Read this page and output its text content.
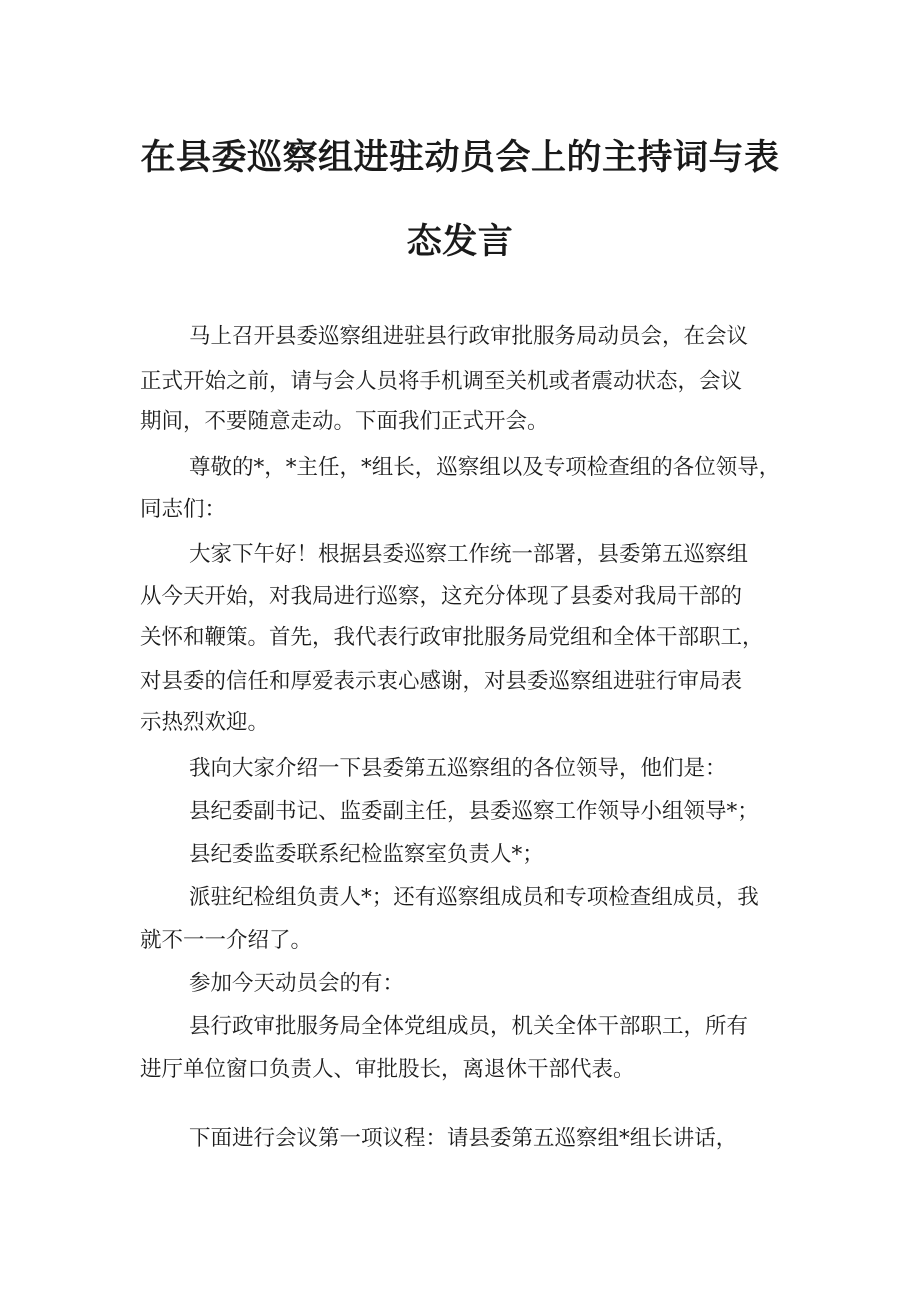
在县委巡察组进驻动员会上的主持词与表
态发言
马上召开县委巡察组进驻县行政审批服务局动员会，在会议
正式开始之前，请与会人员将手机调至关机或者震动状态，会议
期间，不要随意走动。下面我们正式开会。
尊敬的*，*主任，*组长，巡察组以及专项检查组的各位领导，
同志们：
大家下午好！根据县委巡察工作统一部署，县委第五巡察组
从今天开始，对我局进行巡察，这充分体现了县委对我局干部的
关怀和鞭策。首先，我代表行政审批服务局党组和全体干部职工，
对县委的信任和厚爱表示衷心感谢，对县委巡察组进驻行审局表
示热烈欢迎。
我向大家介绍一下县委第五巡察组的各位领导，他们是：
县纪委副书记、监委副主任，县委巡察工作领导小组领导*；
县纪委监委联系纪检监察室负责人*；
派驻纪检组负责人*；还有巡察组成员和专项检查组成员，我
就不一一介绍了。
参加今天动员会的有：
县行政审批服务局全体党组成员，机关全体干部职工，所有
进厅单位窗口负责人、审批股长，离退休干部代表。
下面进行会议第一项议程：请县委第五巡察组*组长讲话，
